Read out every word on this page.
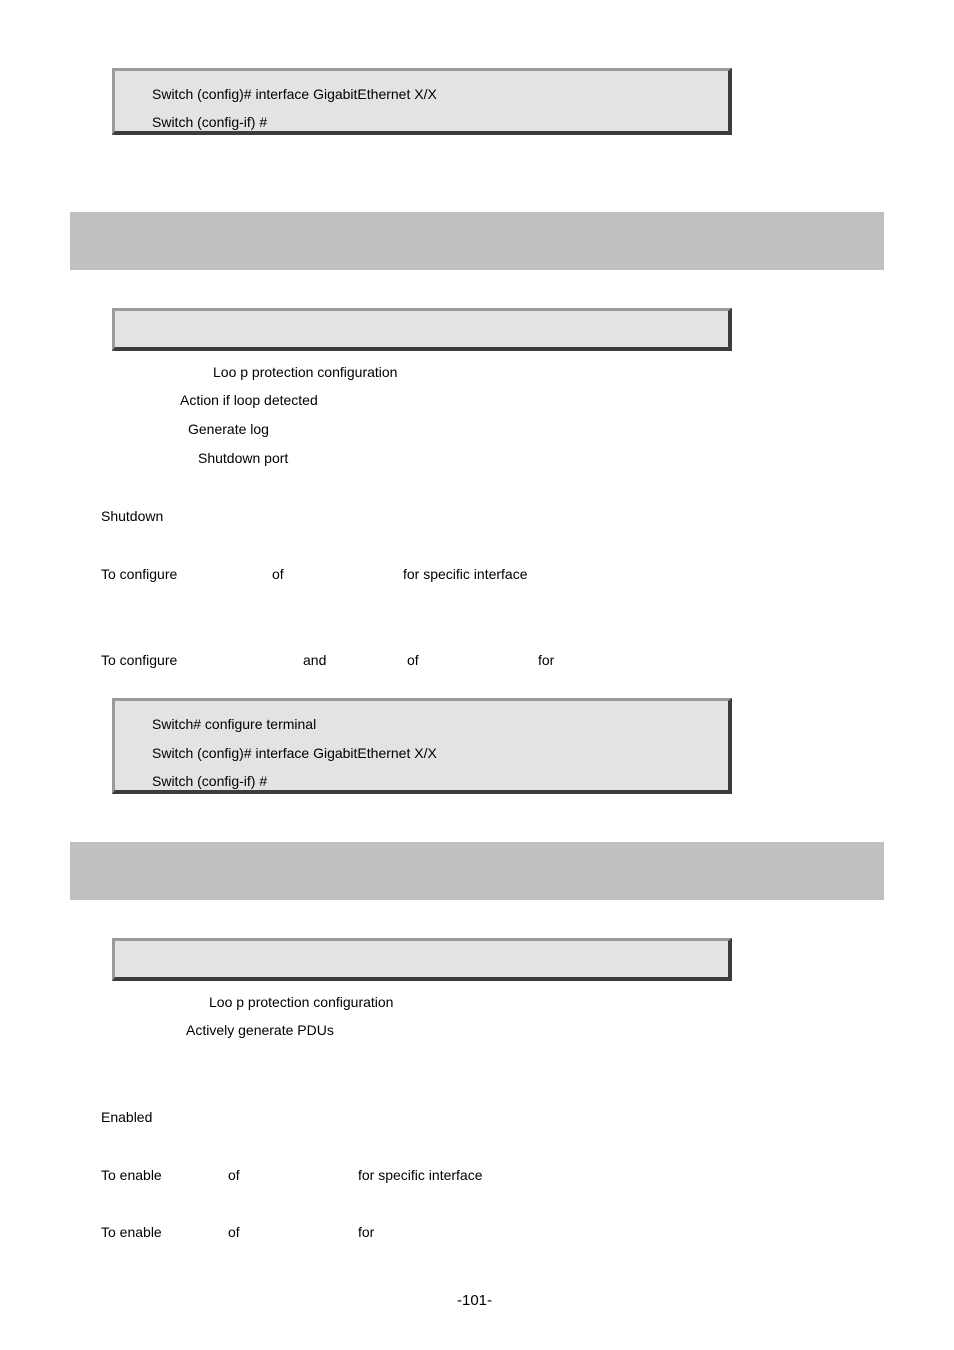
Switch (config)# interface GigabitEthernet X/X
Switch (config-if) #
Loo p protection configuration
Action if loop detected
Generate log
Shutdown port
Shutdown
To configure	of	for specific interface
To configure	and	of	for
Switch# configure terminal
Switch (config)# interface GigabitEthernet X/X
Switch (config-if) #
Loo p protection configuration
Actively generate PDUs
Enabled
To enable	of	for specific interface
To enable	of	for
-101-
